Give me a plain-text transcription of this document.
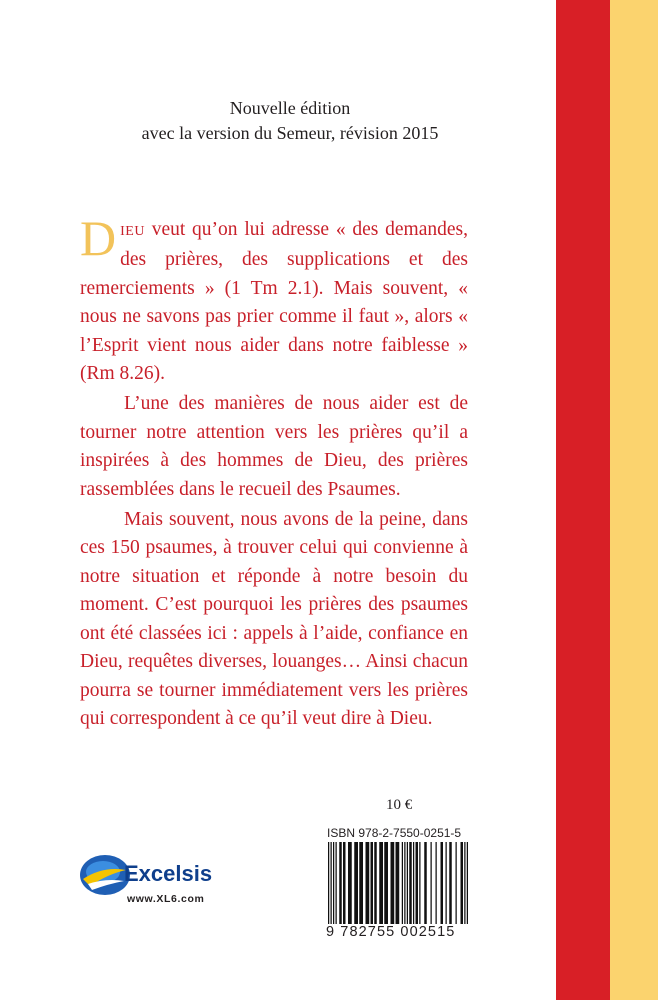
Nouvelle édition
avec la version du Semeur, révision 2015

DIEU veut qu’on lui adresse « des demandes, des prières, des supplications et des remerciements » (1 Tm 2.1). Mais souvent, « nous ne savons pas prier comme il faut », alors « l’Esprit vient nous aider dans notre faiblesse » (Rm 8.26).

L’une des manières de nous aider est de tourner notre attention vers les prières qu’il a inspirées à des hommes de Dieu, des prières rassemblées dans le recueil des Psaumes.

Mais souvent, nous avons de la peine, dans ces 150 psaumes, à trouver celui qui convienne à notre situation et réponde à notre besoin du moment. C’est pourquoi les prières des psaumes ont été classées ici : appels à l’aide, confiance en Dieu, requêtes diverses, louanges… Ainsi chacun pourra se tourner immédiatement vers les prières qui correspondent à ce qu’il veut dire à Dieu.

10 €
ISBN 978-2-7550-0251-5
9 782755 002515
Excelsis
www.XL6.com
